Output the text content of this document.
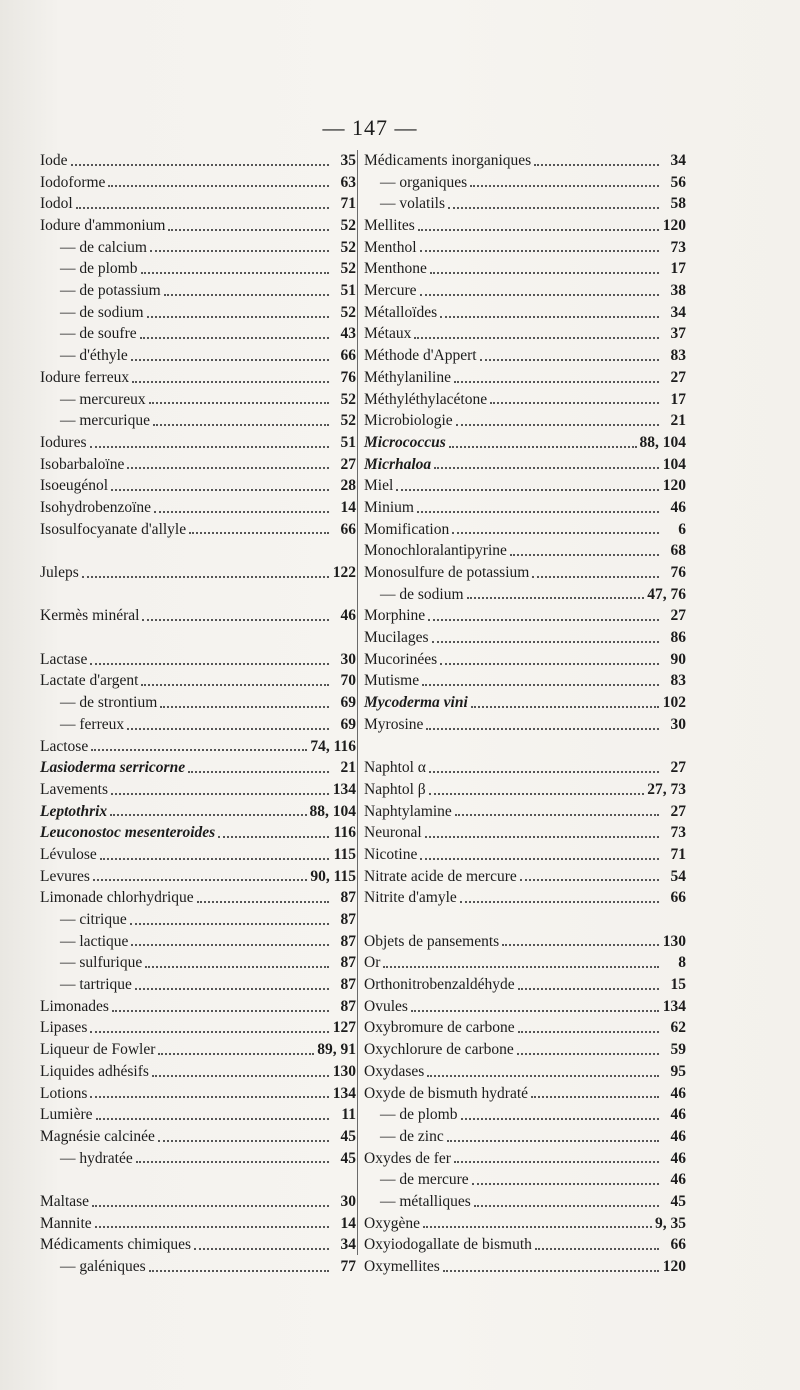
— 147 —
Iode	35
Iodoforme	63
Iodol	71
Iodure d'ammonium	52
— de calcium	52
— de plomb	52
— de potassium	51
— de sodium	52
— de soufre	43
— d'éthyle	66
Iodure ferreux	76
— mercureux	52
— mercurique	52
Iodures	51
Isobarbaloïne	27
Isoeugénol	28
Isohydrobenzoïne	14
Isosulfocyanate d'allyle	66
Juleps	122
Kermès minéral	46
Lactase	30
Lactate d'argent	70
— de strontium	69
— ferreux	69
Lactose	74, 116
Lasioderma serricorne	21
Lavements	134
Leptothrix	88, 104
Leuconostoc mesenteroides	116
Lévulose	115
Levures	90, 115
Limonade chlorhydrique	87
— citrique	87
— lactique	87
— sulfurique	87
— tartrique	87
Limonades	87
Lipases	127
Liqueur de Fowler	89, 91
Liquides adhésifs	130
Lotions	134
Lumière	11
Magnésie calcinée	45
— hydratée	45
Maltase	30
Mannite	14
Médicaments chimiques	34
— galéniques	77
Médicaments inorganiques	34
— organiques	56
— volatils	58
Mellites	120
Menthol	73
Menthone	17
Mercure	38
Métalloïdes	34
Métaux	37
Méthode d'Appert	83
Méthylaniline	27
Méthyléthylacétone	17
Microbiologie	21
Micrococcus	88, 104
Micrhaloa	104
Miel	120
Minium	46
Momification	6
Monochloralantipyrine	68
Monosulfure de potassium	76
— de sodium	47, 76
Morphine	27
Mucilages	86
Mucorinées	90
Mutisme	83
Mycoderma vini	102
Myrosine	30
Naphtol α	27
Naphtol β	27, 73
Naphtylamine	27
Neuronal	73
Nicotine	71
Nitrate acide de mercure	54
Nitrite d'amyle	66
Objets de pansements	130
Or	8
Orthonitrobenzaldéhyde	15
Ovules	134
Oxybromure de carbone	62
Oxychlorure de carbone	59
Oxydases	95
Oxyde de bismuth hydraté	46
— de plomb	46
— de zinc	46
Oxydes de fer	46
— de mercure	46
— métalliques	45
Oxygène	9, 35
Oxyiodogallate de bismuth	66
Oxymellites	120
